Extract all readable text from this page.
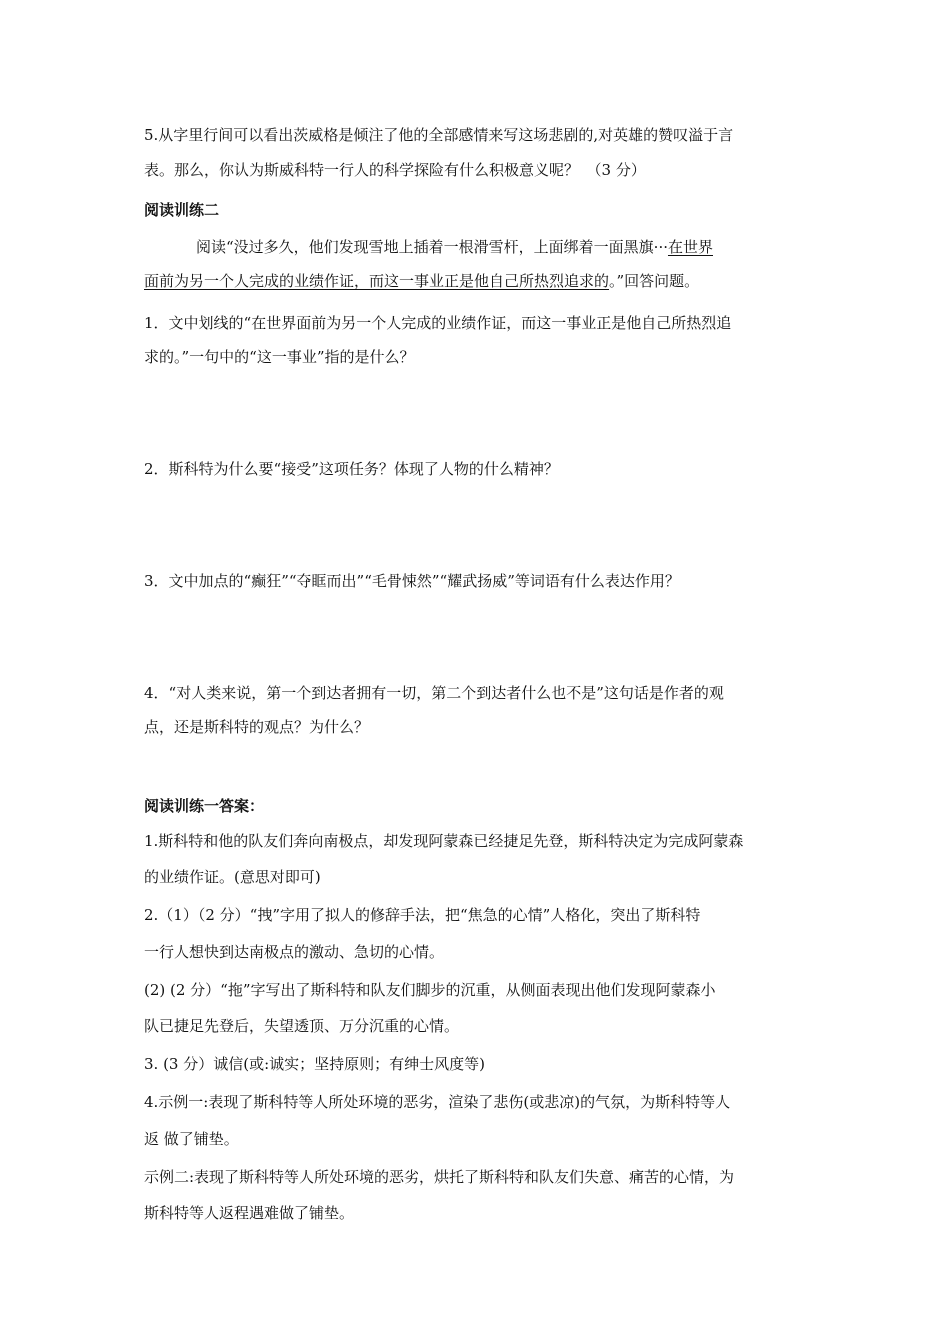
5.从字里行间可以看出茨威格是倾注了他的全部感情来写这场悲剧的,对英雄的赞叹溢于言
表。那么，你认为斯威科特一行人的科学探险有什么积极意义呢？　（3 分）
阅读训练二
阅读“没过多久，他们发现雪地上插着一根滑雪杆，上面绑着一面黑旗···在世界
面前为另一个人完成的业绩作证，而这一事业正是他自己所热烈追求的。”回答问题。
1．文中划线的“在世界面前为另一个人完成的业绩作证，而这一事业正是他自己所热烈追
求的。”一句中的“这一事业”指的是什么？
2．斯科特为什么要“接受”这项任务？体现了人物的什么精神？
3．文中加点的“癫狂”“夺眶而出”“毛骨悚然”“耀武扬威”等词语有什么表达作用？
4．“对人类来说，第一个到达者拥有一切，第二个到达者什么也不是”这句话是作者的观
点，还是斯科特的观点？为什么？
阅读训练一答案：
1.斯科特和他的队友们奔向南极点，却发现阿蒙森已经捷足先登，斯科特决定为完成阿蒙森
的业绩作证。(意思对即可)
2.（1）（2 分）“拽”字用了拟人的修辞手法，把“焦急的心情”人格化，突出了斯科特
一行人想快到达南极点的激动、急切的心情。
(2) (2 分）“拖”字写出了斯科特和队友们脚步的沉重，从侧面表现出他们发现阿蒙森小
队已捷足先登后，失望透顶、万分沉重的心情。
3. (3 分）诚信(或:诚实；坚持原则；有绅士风度等)
4.示例一:表现了斯科特等人所处环境的恶劣，渲染了悲伤(或悲凉)的气氛，为斯科特等人
返 做了铺垫。
示例二:表现了斯科特等人所处环境的恶劣，烘托了斯科特和队友们失意、痛苦的心情，为
斯科特等人返程遇难做了铺垫。
